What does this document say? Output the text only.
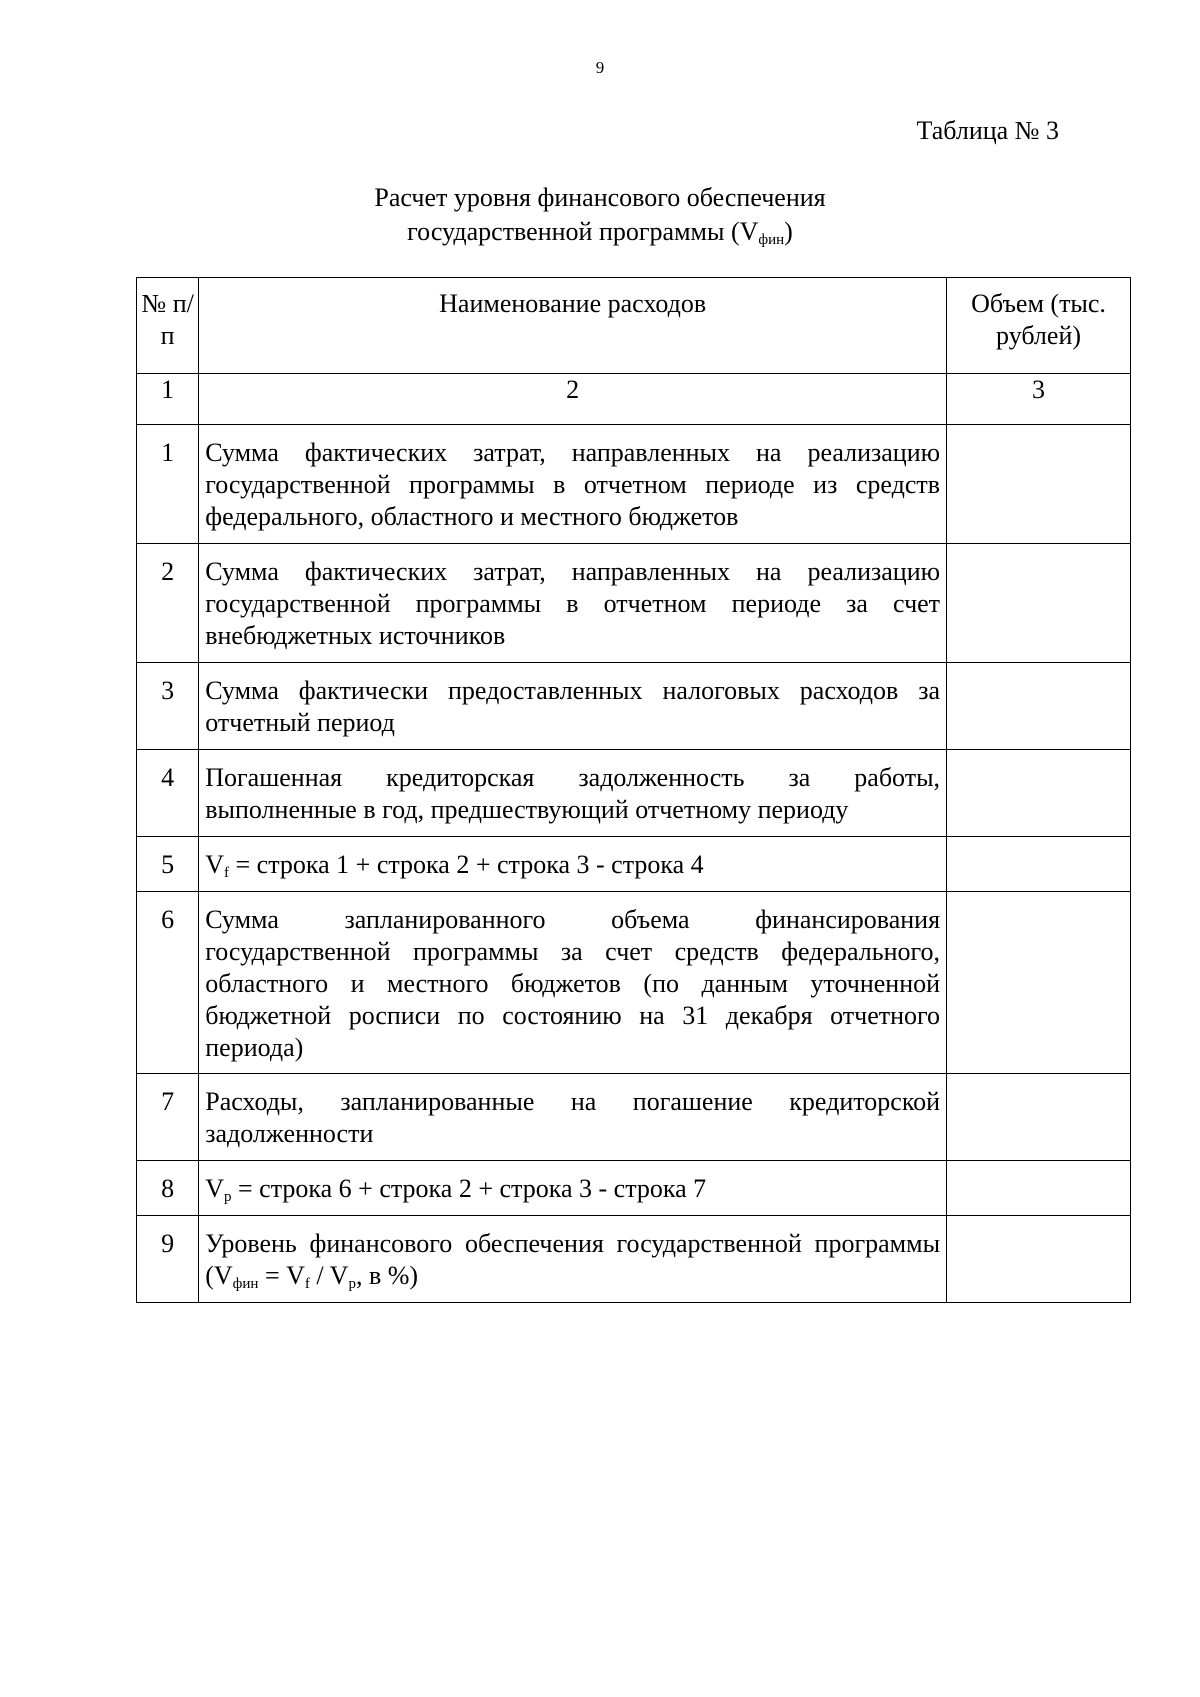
9
Таблица № 3
Расчет уровня финансового обеспечения
государственной программы $(V_{фин})$
№ п/п	Наименование расходов	Объем (тыс. рублей)
1	2	3
1	Сумма фактических затрат, направленных на реализацию государственной программы в отчетном периоде из средств федерального, областного и местного бюджетов	
2	Сумма фактических затрат, направленных на реализацию государственной программы в отчетном периоде за счет внебюджетных источников	
3	Сумма фактически предоставленных налоговых расходов за отчетный период	
4	Погашенная кредиторская задолженность за работы, выполненные в год, предшествующий отчетному периоду	
5	$V_f$ = строка 1 + строка 2 + строка 3 - строка 4	
6	Сумма запланированного объема финансирования государственной программы за счет средств федерального, областного и местного бюджетов (по данным уточненной бюджетной росписи по состоянию на 31 декабря отчетного периода)	
7	Расходы, запланированные на погашение кредиторской задолженности	
8	$V_p$ = строка 6 + строка 2 + строка 3 - строка 7	
9	Уровень финансового обеспечения государственной программы ($V_{фин} = V_f / V_p$, в %)	
